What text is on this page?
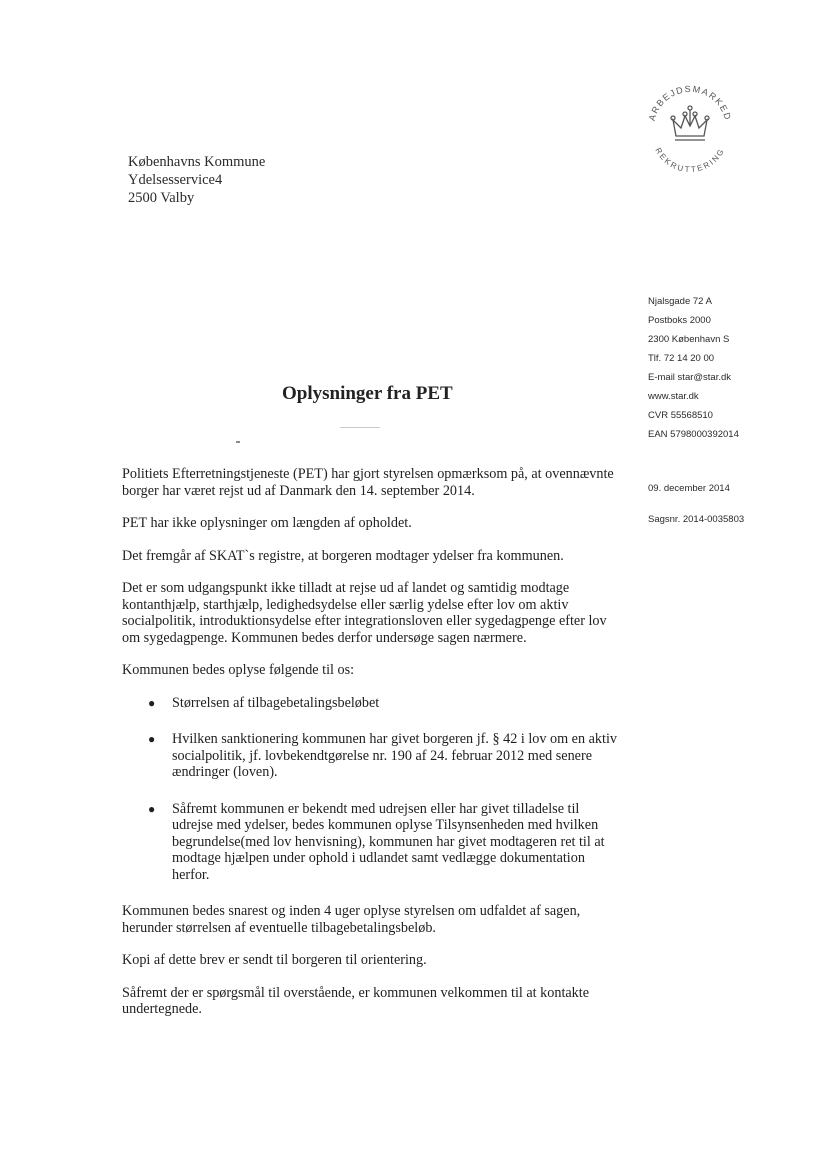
Københavns Kommune
Ydelsesservice4
2500 Valby
ARBEJDSMARKED
REKRUTTERING
Njalsgade 72 A
Postboks 2000
2300 København S
Tlf. 72 14 20 00
E-mail star@star.dk
www.star.dk
CVR 55568510
EAN 5798000392014
09. december 2014
Sagsnr. 2014-0035803
Oplysninger fra PET

Politiets Efterretningstjeneste (PET) har gjort styrelsen opmærksom på, at ovennævnte borger har været rejst ud af Danmark den 14. september 2014.

PET har ikke oplysninger om længden af opholdet.

Det fremgår af SKAT`s registre, at borgeren modtager ydelser fra kommunen.

Det er som udgangspunkt ikke tilladt at rejse ud af landet og samtidig modtage kontanthjælp, starthjælp, ledighedsydelse eller særlig ydelse efter lov om aktiv socialpolitik, introduktionsydelse efter integrationsloven eller sygedagpenge efter lov om sygedagpenge. Kommunen bedes derfor undersøge sagen nærmere.

Kommunen bedes oplyse følgende til os:

● Størrelsen af tilbagebetalingsbeløbet
● Hvilken sanktionering kommunen har givet borgeren jf. § 42 i lov om en aktiv socialpolitik, jf. lovbekendtgørelse nr. 190 af 24. februar 2012 med senere ændringer (loven).
● Såfremt kommunen er bekendt med udrejsen eller har givet tilladelse til udrejse med ydelser, bedes kommunen oplyse Tilsynsenheden med hvilken begrundelse(med lov henvisning), kommunen har givet modtageren ret til at modtage hjælpen under ophold i udlandet samt vedlægge dokumentation herfor.

Kommunen bedes snarest og inden 4 uger oplyse styrelsen om udfaldet af sagen, herunder størrelsen af eventuelle tilbagebetalingsbeløb.

Kopi af dette brev er sendt til borgeren til orientering.

Såfremt der er spørgsmål til overstående, er kommunen velkommen til at kontakte undertegnede.
